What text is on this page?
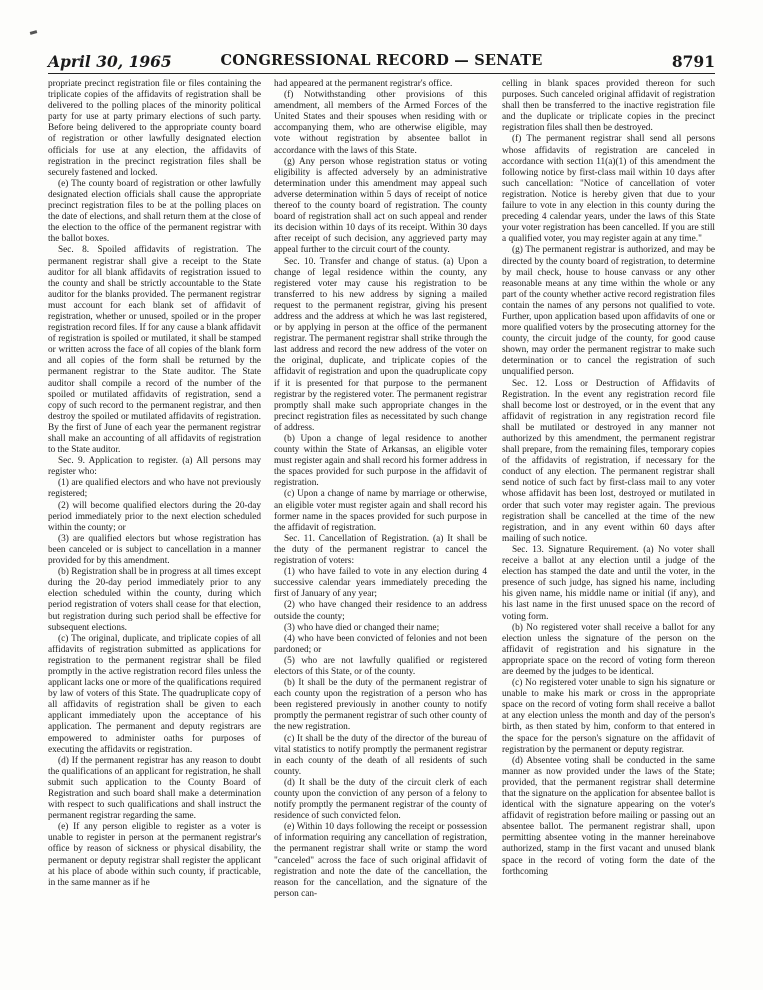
April 30, 1965	CONGRESSIONAL RECORD — SENATE	8791

propriate precinct registration file or files containing the triplicate copies of the affidavits of registration shall be delivered to the polling places of the minority political party for use at party primary elections of such party. Before being delivered to the appropriate county board of registration or other lawfully designated election officials for use at any election, the affidavits of registration in the precinct registration files shall be securely fastened and locked.

(e) The county board of registration or other lawfully designated election officials shall cause the appropriate precinct registration files to be at the polling places on the date of elections, and shall return them at the close of the election to the office of the permanent registrar with the ballot boxes.

Sec. 8. Spoiled affidavits of registration. The permanent registrar shall give a receipt to the State auditor for all blank affidavits of registration issued to the county and shall be strictly accountable to the State auditor for the blanks provided. The permanent registrar must account for each blank set of affidavit of registration, whether or unused, spoiled or in the proper registration record files. If for any cause a blank affidavit of registration is spoiled or mutilated, it shall be stamped or written across the face of all copies of the blank form and all copies of the form shall be returned by the permanent registrar to the State auditor. The State auditor shall compile a record of the number of the spoiled or mutilated affidavits of registration, send a copy of such record to the permanent registrar, and then destroy the spoiled or mutilated affidavits of registration. By the first of June of each year the permanent registrar shall make an accounting of all affidavits of registration to the State auditor.

Sec. 9. Application to register. (a) All persons may register who:

(1) are qualified electors and who have not previously registered;

(2) will become qualified electors during the 20-day period immediately prior to the next election scheduled within the county; or

(3) are qualified electors but whose registration has been canceled or is subject to cancellation in a manner provided for by this amendment.

(b) Registration shall be in progress at all times except during the 20-day period immediately prior to any election scheduled within the county, during which period registration of voters shall cease for that election, but registration during such period shall be effective for subsequent elections.

(c) The original, duplicate, and triplicate copies of all affidavits of registration submitted as applications for registration to the permanent registrar shall be filed promptly in the active registration record files unless the applicant lacks one or more of the qualifications required by law of voters of this State. The quadruplicate copy of all affidavits of registration shall be given to each applicant immediately upon the acceptance of his application. The permanent and deputy registrars are empowered to administer oaths for purposes of executing the affidavits or registration.

(d) If the permanent registrar has any reason to doubt the qualifications of an applicant for registration, he shall submit such application to the County Board of Registration and such board shall make a determination with respect to such qualifications and shall instruct the permanent registrar regarding the same.

(e) If any person eligible to register as a voter is unable to register in person at the permanent registrar's office by reason of sickness or physical disability, the permanent or deputy registrar shall register the applicant at his place of abode within such county, if practicable, in the same manner as if he

had appeared at the permanent registrar's office.

(f) Notwithstanding other provisions of this amendment, all members of the Armed Forces of the United States and their spouses when residing with or accompanying them, who are otherwise eligible, may vote without registration by absentee ballot in accordance with the laws of this State.

(g) Any person whose registration status or voting eligibility is affected adversely by an administrative determination under this amendment may appeal such adverse determination within 5 days of receipt of notice thereof to the county board of registration. The county board of registration shall act on such appeal and render its decision within 10 days of its receipt. Within 30 days after receipt of such decision, any aggrieved party may appeal further to the circuit court of the county.

Sec. 10. Transfer and change of status. (a) Upon a change of legal residence within the county, any registered voter may cause his registration to be transferred to his new address by signing a mailed request to the permanent registrar, giving his present address and the address at which he was last registered, or by applying in person at the office of the permanent registrar. The permanent registrar shall strike through the last address and record the new address of the voter on the original, duplicate, and triplicate copies of the affidavit of registration and upon the quadruplicate copy if it is presented for that purpose to the permanent registrar by the registered voter. The permanent registrar promptly shall make such appropriate changes in the precinct registration files as necessitated by such change of address.

(b) Upon a change of legal residence to another county within the State of Arkansas, an eligible voter must register again and shall record his former address in the spaces provided for such purpose in the affidavit of registration.

(c) Upon a change of name by marriage or otherwise, an eligible voter must register again and shall record his former name in the spaces provided for such purpose in the affidavit of registration.

Sec. 11. Cancellation of Registration. (a) It shall be the duty of the permanent registrar to cancel the registration of voters:

(1) who have failed to vote in any election during 4 successive calendar years immediately preceding the first of January of any year;

(2) who have changed their residence to an address outside the county;

(3) who have died or changed their name;

(4) who have been convicted of felonies and not been pardoned; or

(5) who are not lawfully qualified or registered electors of this State, or of the county.

(b) It shall be the duty of the permanent registrar of each county upon the registration of a person who has been registered previously in another county to notify promptly the permanent registrar of such other county of the new registration.

(c) It shall be the duty of the director of the bureau of vital statistics to notify promptly the permanent registrar in each county of the death of all residents of such county.

(d) It shall be the duty of the circuit clerk of each county upon the conviction of any person of a felony to notify promptly the permanent registrar of the county of residence of such convicted felon.

(e) Within 10 days following the receipt or possession of information requiring any cancellation of registration, the permanent registrar shall write or stamp the word "canceled" across the face of such original affidavit of registration and note the date of the cancellation, the reason for the cancellation, and the signature of the person can-

celling in blank spaces provided thereon for such purposes. Such canceled original affidavit of registration shall then be transferred to the inactive registration file and the duplicate or triplicate copies in the precinct registration files shall then be destroyed.

(f) The permanent registrar shall send all persons whose affidavits of registration are canceled in accordance with section 11(a)(1) of this amendment the following notice by first-class mail within 10 days after such cancellation: "Notice of cancellation of voter registration. Notice is hereby given that due to your failure to vote in any election in this county during the preceding 4 calendar years, under the laws of this State your voter registration has been cancelled. If you are still a qualified voter, you may register again at any time."

(g) The permanent registrar is authorized, and may be directed by the county board of registration, to determine by mail check, house to house canvass or any other reasonable means at any time within the whole or any part of the county whether active record registration files contain the names of any persons not qualified to vote. Further, upon application based upon affidavits of one or more qualified voters by the prosecuting attorney for the county, the circuit judge of the county, for good cause shown, may order the permanent registrar to make such determination or to cancel the registration of such unqualified person.

Sec. 12. Loss or Destruction of Affidavits of Registration. In the event any registration record file shall become lost or destroyed, or in the event that any affidavit of registration in any registration record file shall be mutilated or destroyed in any manner not authorized by this amendment, the permanent registrar shall prepare, from the remaining files, temporary copies of the affidavits of registration, if necessary for the conduct of any election. The permanent registrar shall send notice of such fact by first-class mail to any voter whose affidavit has been lost, destroyed or mutilated in order that such voter may register again. The previous registration shall be cancelled at the time of the new registration, and in any event within 60 days after mailing of such notice.

Sec. 13. Signature Requirement. (a) No voter shall receive a ballot at any election until a judge of the election has stamped the date and until the voter, in the presence of such judge, has signed his name, including his given name, his middle name or initial (if any), and his last name in the first unused space on the record of voting form.

(b) No registered voter shall receive a ballot for any election unless the signature of the person on the affidavit of registration and his signature in the appropriate space on the record of voting form thereon are deemed by the judges to be identical.

(c) No registered voter unable to sign his signature or unable to make his mark or cross in the appropriate space on the record of voting form shall receive a ballot at any election unless the month and day of the person's birth, as then stated by him, conform to that entered in the space for the person's signature on the affidavit of registration by the permanent or deputy registrar.

(d) Absentee voting shall be conducted in the same manner as now provided under the laws of the State; provided, that the permanent registrar shall determine that the signature on the application for absentee ballot is identical with the signature appearing on the voter's affidavit of registration before mailing or passing out an absentee ballot. The permanent registrar shall, upon permitting absentee voting in the manner hereinabove authorized, stamp in the first vacant and unused blank space in the record of voting form the date of the forthcoming
